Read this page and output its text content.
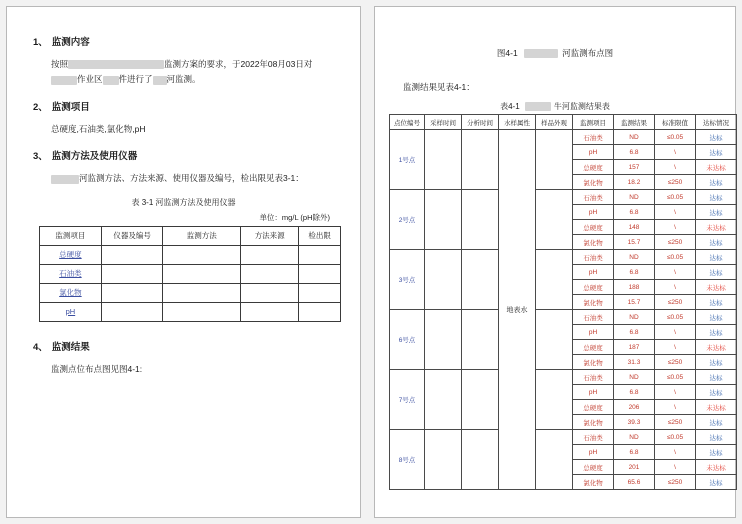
1、 监测内容
按照	监测方案的要求，于2022年08月03日对
作业区 件进行了 河监测。
2、 监测项目
总硬度,石油类,氯化物,pH
3、 监测方法及使用仪器
河监测方法、方法来源、使用仪器及编号，检出限见表3-1：
表 3-1 河监测方法及使用仪器
单位：mg/L (pH除外)
监测项目	仪器及编号	监测方法	方法来源	检出限
总硬度				
石油类				
氯化物				
pH				
4、 监测结果
监测点位布点图见图4-1:
图4-1	河监测布点图
监测结果见表4-1：
表4-1	牛河监测结果表
点位编号	采样时间	分析时间	水样属性	样品外观	监测项目	监测结果	标准限值	达标情况
1号点			地表水		石油类	ND	≤0.05	达标
					pH	6.8	\	达标
					总硬度	157	\	未达标
					氯化物	18.2	≤250	达标
2号点					石油类	ND	≤0.05	达标
					pH	6.8	\	达标
					总硬度	148	\	未达标
					氯化物	15.7	≤250	达标
3号点					石油类	ND	≤0.05	达标
					pH	6.8	\	达标
					总硬度	188	\	未达标
					氯化物	15.7	≤250	达标
6号点					石油类	ND	≤0.05	达标
					pH	6.8	\	达标
					总硬度	187	\	未达标
					氯化物	31.3	≤250	达标
7号点					石油类	ND	≤0.05	达标
					pH	6.8	\	达标
					总硬度	206	\	未达标
					氯化物	39.3	≤250	达标
8号点					石油类	ND	≤0.05	达标
					pH	6.8	\	达标
					总硬度	201	\	未达标
					氯化物	65.6	≤250	达标
